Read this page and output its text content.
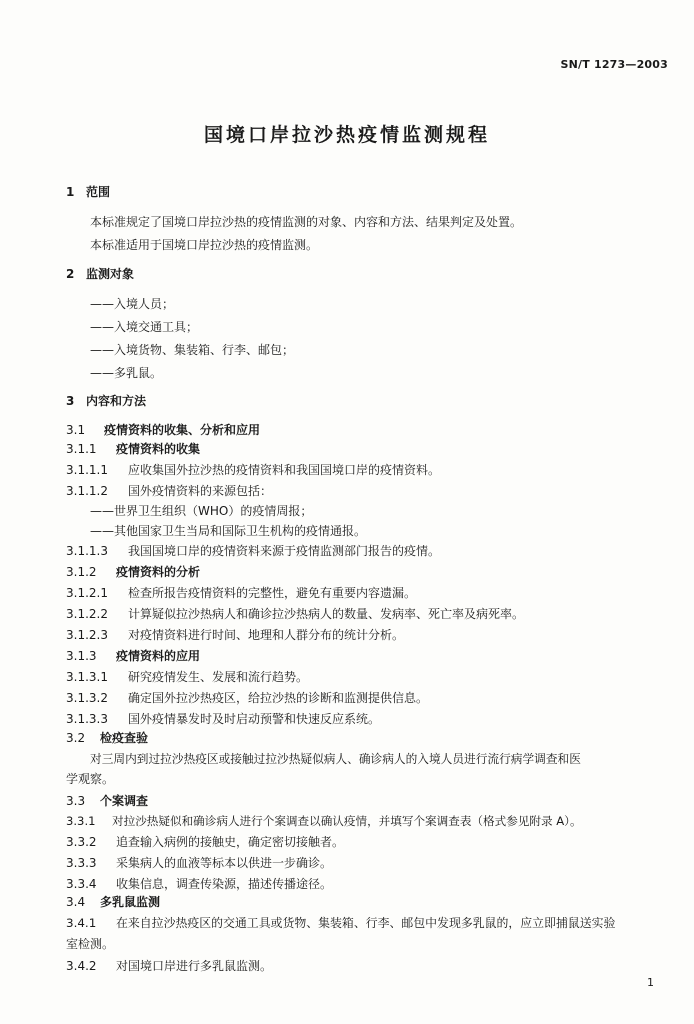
SN/T 1273—2003
国境口岸拉沙热疫情监测规程
1 范围
本标准规定了国境口岸拉沙热的疫情监测的对象、内容和方法、结果判定及处置。
本标准适用于国境口岸拉沙热的疫情监测。
2 监测对象
——入境人员；
——入境交通工具；
——入境货物、集装箱、行李、邮包；
——多乳鼠。
3 内容和方法
3.1 疫情资料的收集、分析和应用
3.1.1 疫情资料的收集
3.1.1.1 应收集国外拉沙热的疫情资料和我国国境口岸的疫情资料。
3.1.1.2 国外疫情资料的来源包括：
——世界卫生组织（WHO）的疫情周报；
——其他国家卫生当局和国际卫生机构的疫情通报。
3.1.1.3 我国国境口岸的疫情资料来源于疫情监测部门报告的疫情。
3.1.2 疫情资料的分析
3.1.2.1 检查所报告疫情资料的完整性，避免有重要内容遗漏。
3.1.2.2 计算疑似拉沙热病人和确诊拉沙热病人的数量、发病率、死亡率及病死率。
3.1.2.3 对疫情资料进行时间、地理和人群分布的统计分析。
3.1.3 疫情资料的应用
3.1.3.1 研究疫情发生、发展和流行趋势。
3.1.3.2 确定国外拉沙热疫区，给拉沙热的诊断和监测提供信息。
3.1.3.3 国外疫情暴发时及时启动预警和快速反应系统。
3.2 检疫查验
对三周内到过拉沙热疫区或接触过拉沙热疑似病人、确诊病人的入境人员进行流行病学调查和医
学观察。
3.3 个案调查
3.3.1 对拉沙热疑似和确诊病人进行个案调查以确认疫情，并填写个案调查表（格式参见附录 A）。
3.3.2 追查输入病例的接触史，确定密切接触者。
3.3.3 采集病人的血液等标本以供进一步确诊。
3.3.4 收集信息，调查传染源，描述传播途径。
3.4 多乳鼠监测
3.4.1 在来自拉沙热疫区的交通工具或货物、集装箱、行李、邮包中发现多乳鼠的，应立即捕鼠送实验
室检测。
3.4.2 对国境口岸进行多乳鼠监测。
1
